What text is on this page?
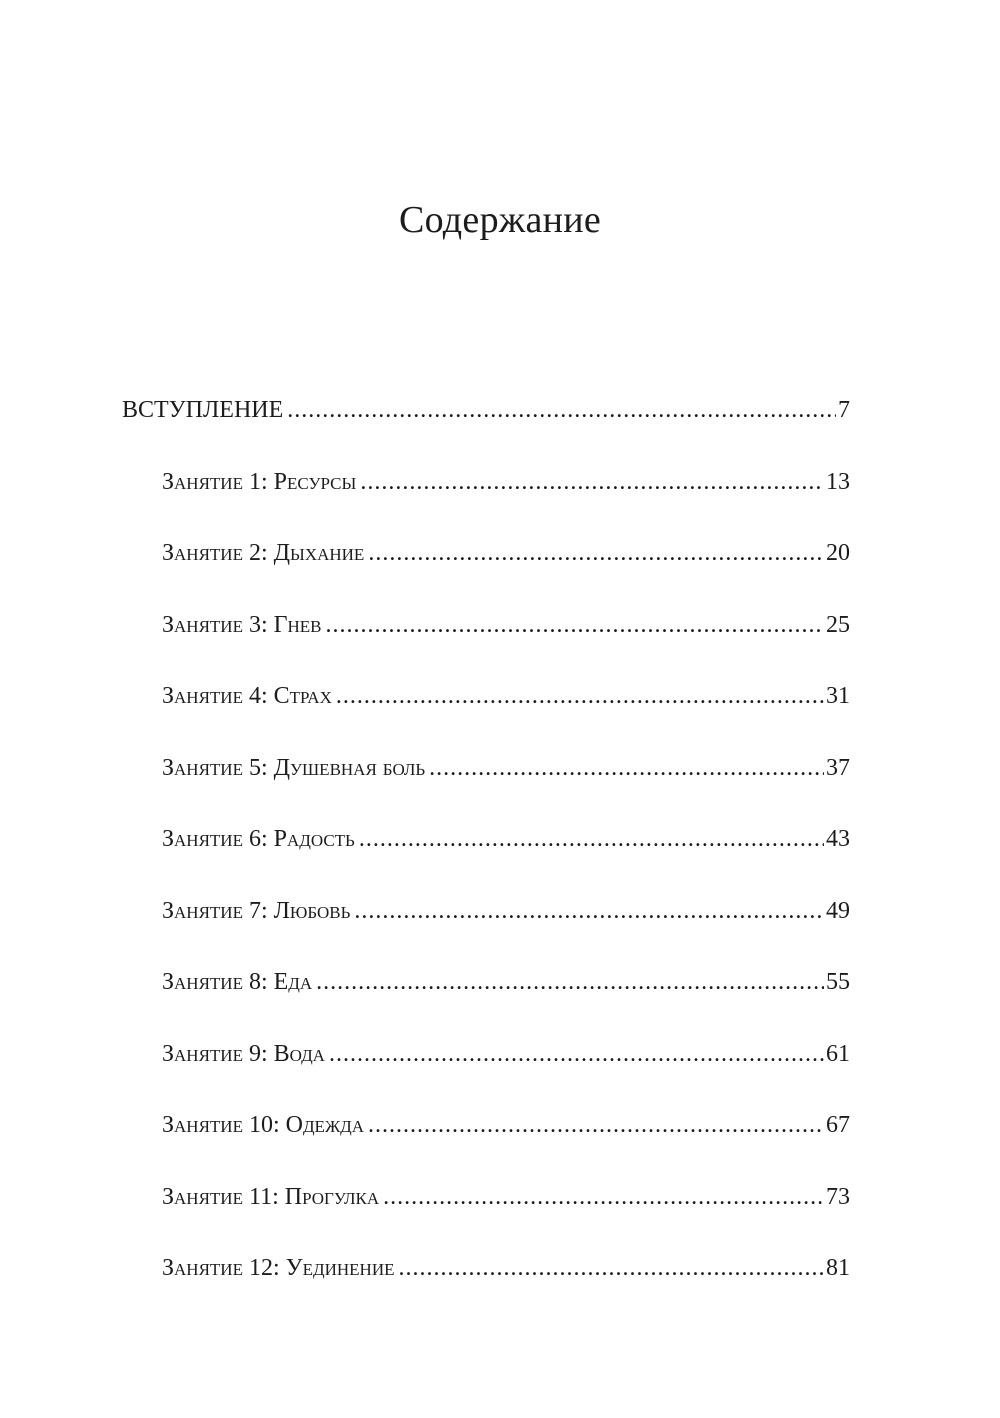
Содержание
ВСТУПЛЕНИЕ .....	7
Занятие 1: Ресурсы .....	13
Занятие 2: Дыхание .....	20
Занятие 3: Гнев .....	25
Занятие 4: Страх .....	31
Занятие 5: Душевная боль .....	37
Занятие 6: Радость .....	43
Занятие 7: Любовь .....	49
Занятие 8: Еда .....	55
Занятие 9: Вода .....	61
Занятие 10: Одежда .....	67
Занятие 11: Прогулка .....	73
Занятие 12: Уединение .....	81
